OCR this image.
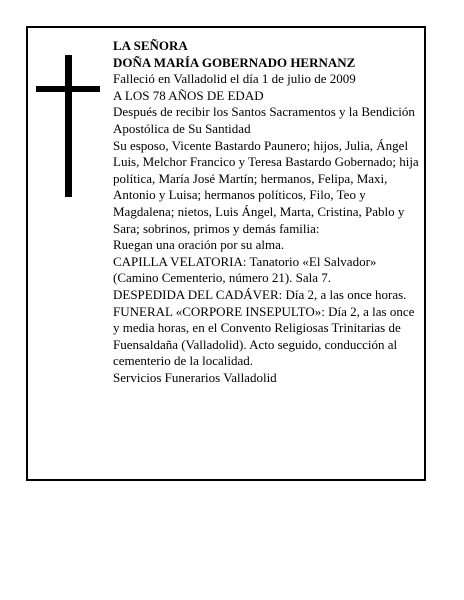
LA SEÑORA

DOÑA MARÍA GOBERNADO HERNANZ

Falleció en Valladolid el día 1 de julio de 2009

A LOS 78 AÑOS DE EDAD

Después de recibir los Santos Sacramentos y la Bendición Apostólica de Su Santidad

Su esposo, Vicente Bastardo Paunero; hijos, Julia, Ángel Luis, Melchor Francico y Teresa Bastardo Gobernado; hija política, María José Martín; hermanos, Felipa, Maxi, Antonio y Luisa; hermanos políticos, Filo, Teo y Magdalena; nietos, Luis Ángel, Marta, Cristina, Pablo y Sara; sobrinos, primos y demás familia:

Ruegan una oración por su alma.

CAPILLA VELATORIA: Tanatorio «El Salvador» (Camino Cementerio, número 21). Sala 7.

DESPEDIDA DEL CADÁVER: Día 2, a las once horas.

FUNERAL «CORPORE INSEPULTO»: Día 2, a las once y media horas, en el Convento Religiosas Trinitarias de Fuensaldaña (Valladolid). Acto seguido, conducción al cementerio de la localidad.

Servicios Funerarios Valladolid
